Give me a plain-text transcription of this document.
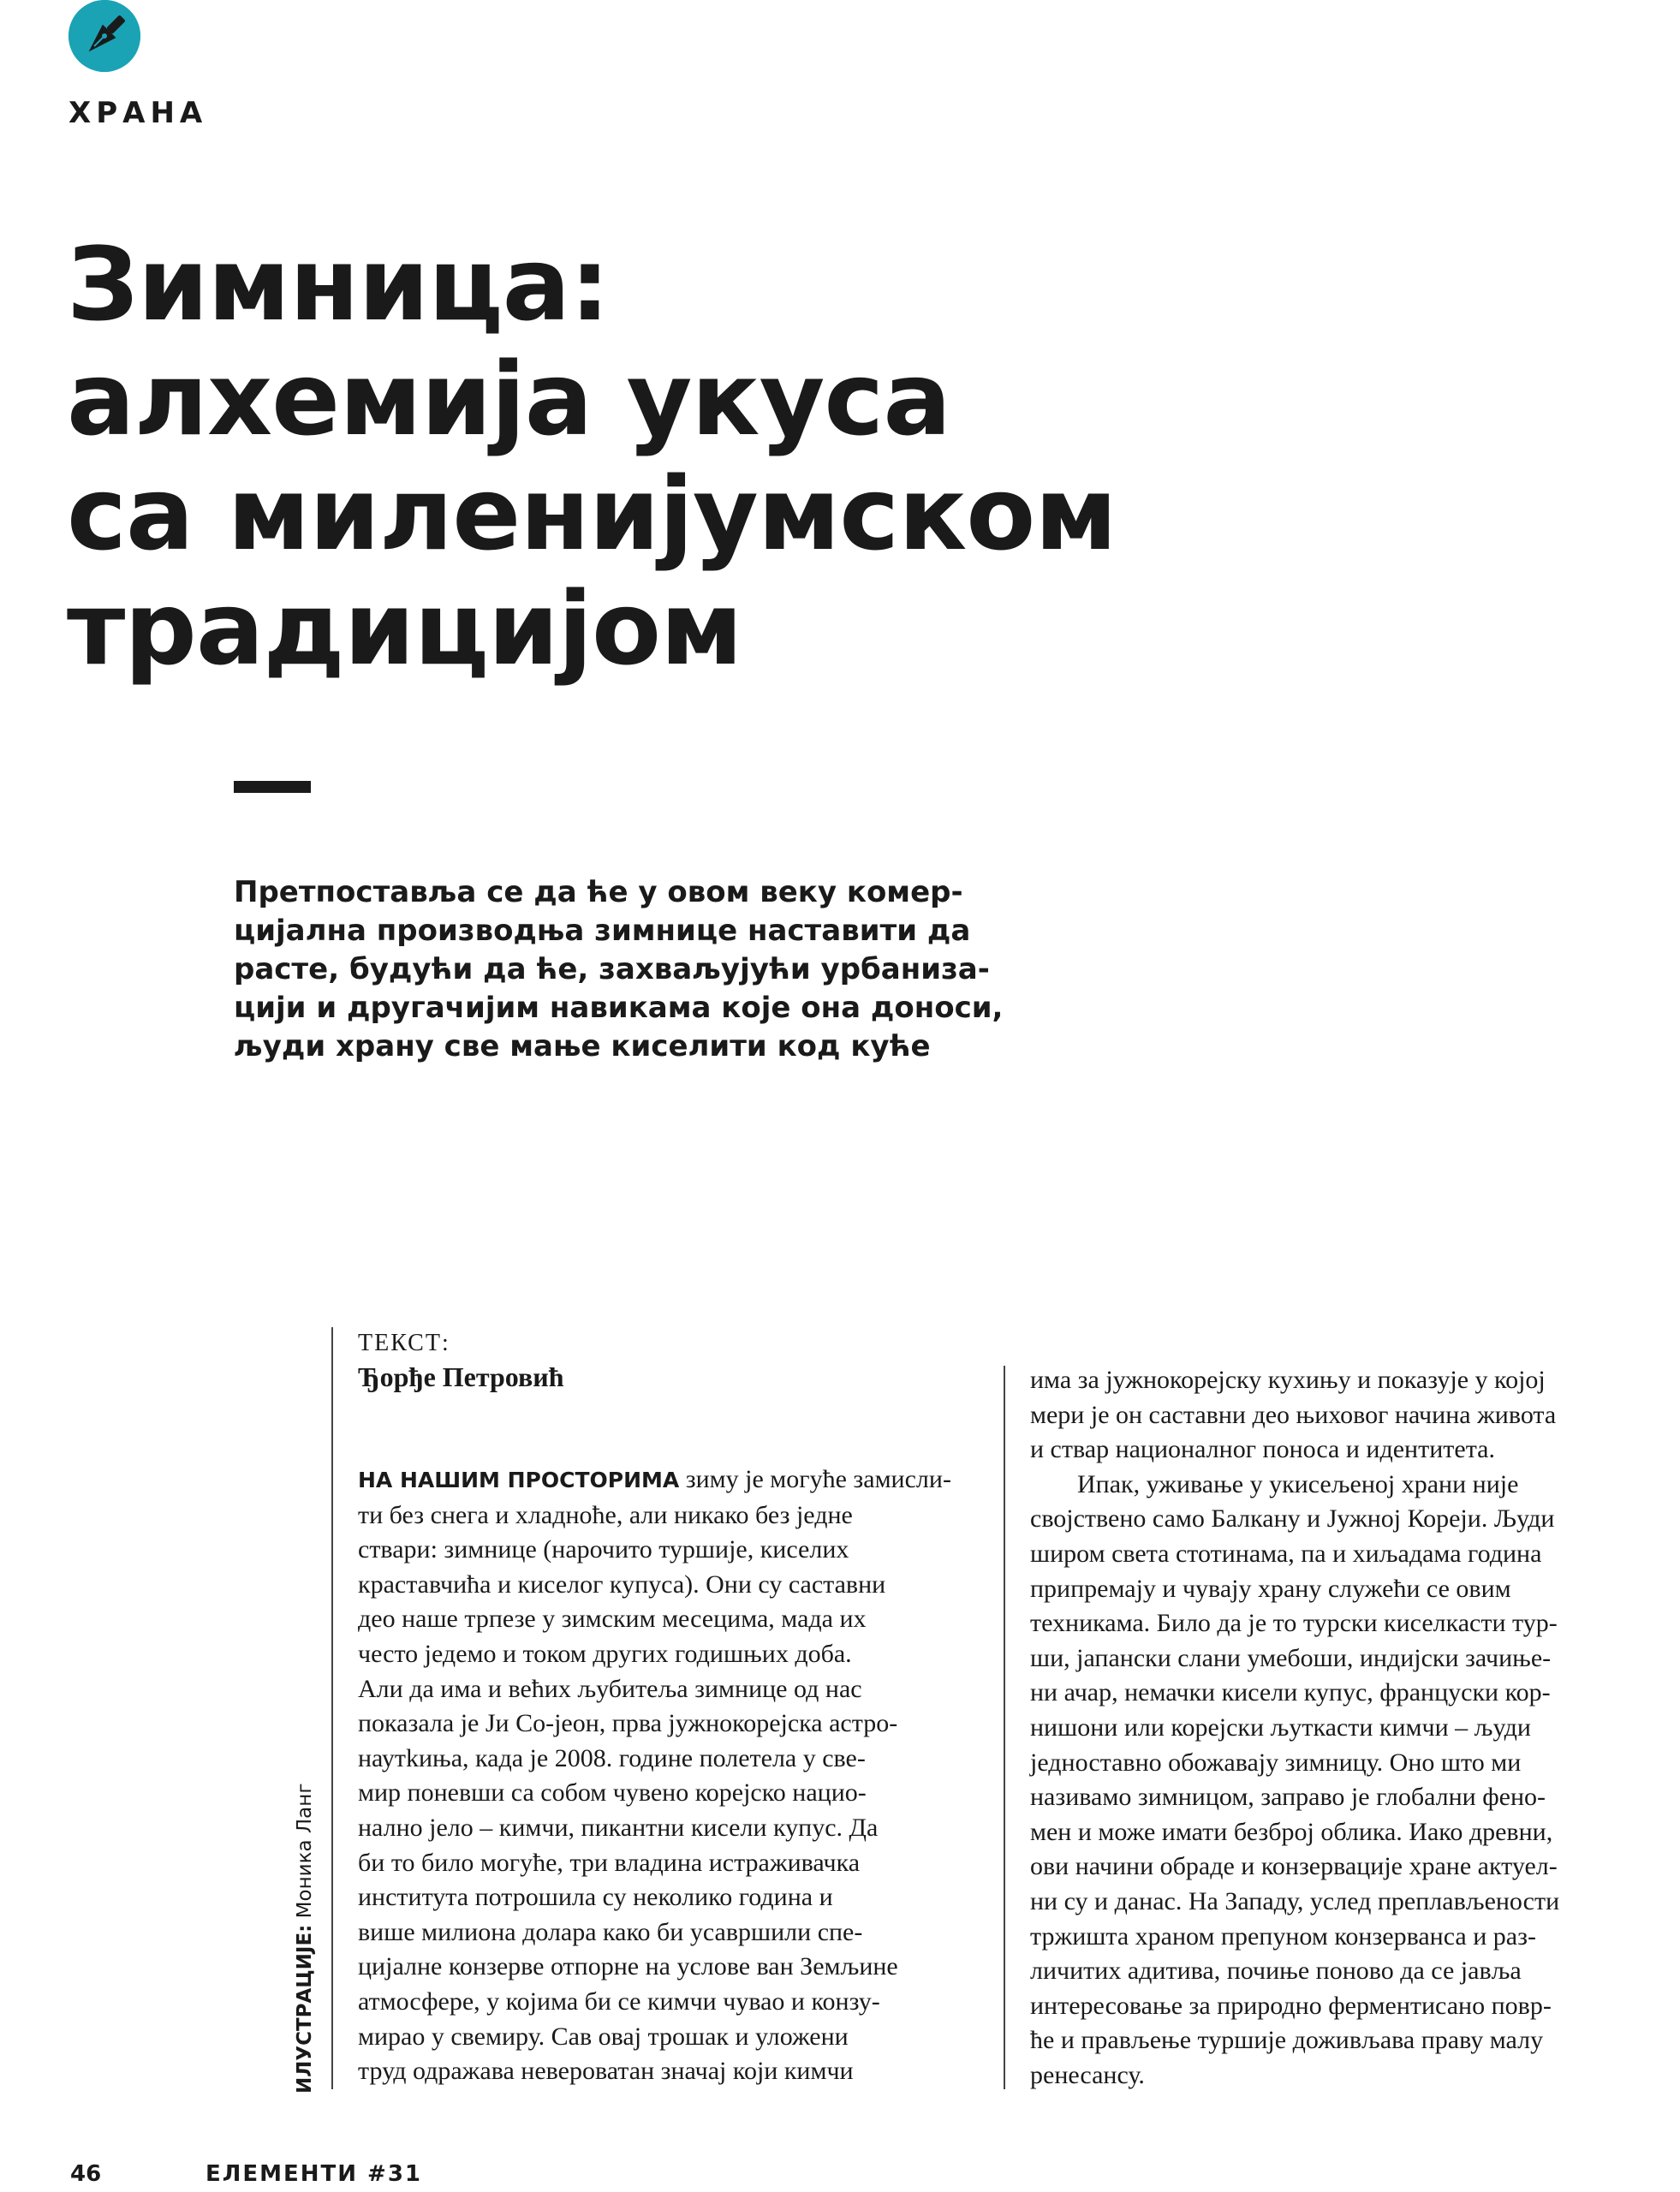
ХРАНА
Зимница:
алхемија укуса
са миленијумском
традицијом
Претпоставља се да ће у овом веку комер-
цијална производња зимнице наставити да
расте, будући да ће, захваљујући урбаниза-
цији и другачијим навикама које она доноси,
људи храну све мање киселити код куће
ИЛУСТРАЦИЈЕ: Моника Ланг
ТЕКСТ:
Ђорђе Петровић
НА НАШИМ ПРОСТОРИМА зиму је могуће замисли-
ти без снега и хладноће, али никако без једне
ствари: зимнице (нарочито туршије, киселих
краставчића и киселог купуса). Они су саставни
део наше трпезе у зимским месецима, мада их
често једемо и током других годишњих доба.
Али да има и већих љубитеља зимнице од нас
показала је Ји Со-јеон, прва јужнокорејска астро-
наутkиња, када је 2008. године полетела у све-
мир поневши са собом чувено корејско нацио-
нално јело – кимчи, пикантни кисели купус. Да
би то било могуће, три владина истраживачка
института потрошила су неколико година и
више милиона долара како би усавршили спе-
цијалне конзерве отпорне на услове ван Земљине
атмосфере, у којима би се кимчи чувао и конзу-
мирао у свемиру. Сав овај трошак и уложени
труд одражава невероватан значај који кимчи
има за јужнокорејску кухињу и показује у којој
мери је он саставни део њиховог начина живота
и ствар националног поноса и идентитета.
Ипак, уживање у укисељеној храни није
својствено само Балкану и Јужној Кореји. Људи
широм света стотинама, па и хиљадама година
припремају и чувају храну служећи се овим
техникама. Било да је то турски киселкасти тур-
ши, јапански слани умебоши, индијски зачиње-
ни ачар, немачки кисели купус, француски кор-
нишони или корејски љуткасти кимчи – људи
једноставно обожавају зимницу. Оно што ми
називамо зимницом, заправо је глобални фено-
мен и може имати безброј облика. Иако древни,
ови начини обраде и конзервације хране актуел-
ни су и данас. На Западу, услед преплављености
тржишта храном препуном конзерванса и раз-
личитих адитива, почиње поново да се јавља
интересовање за природно ферментисано повр-
ће и прављење туршије доживљава праву малу
ренесансу.
46	ЕЛЕМЕНТИ #31
